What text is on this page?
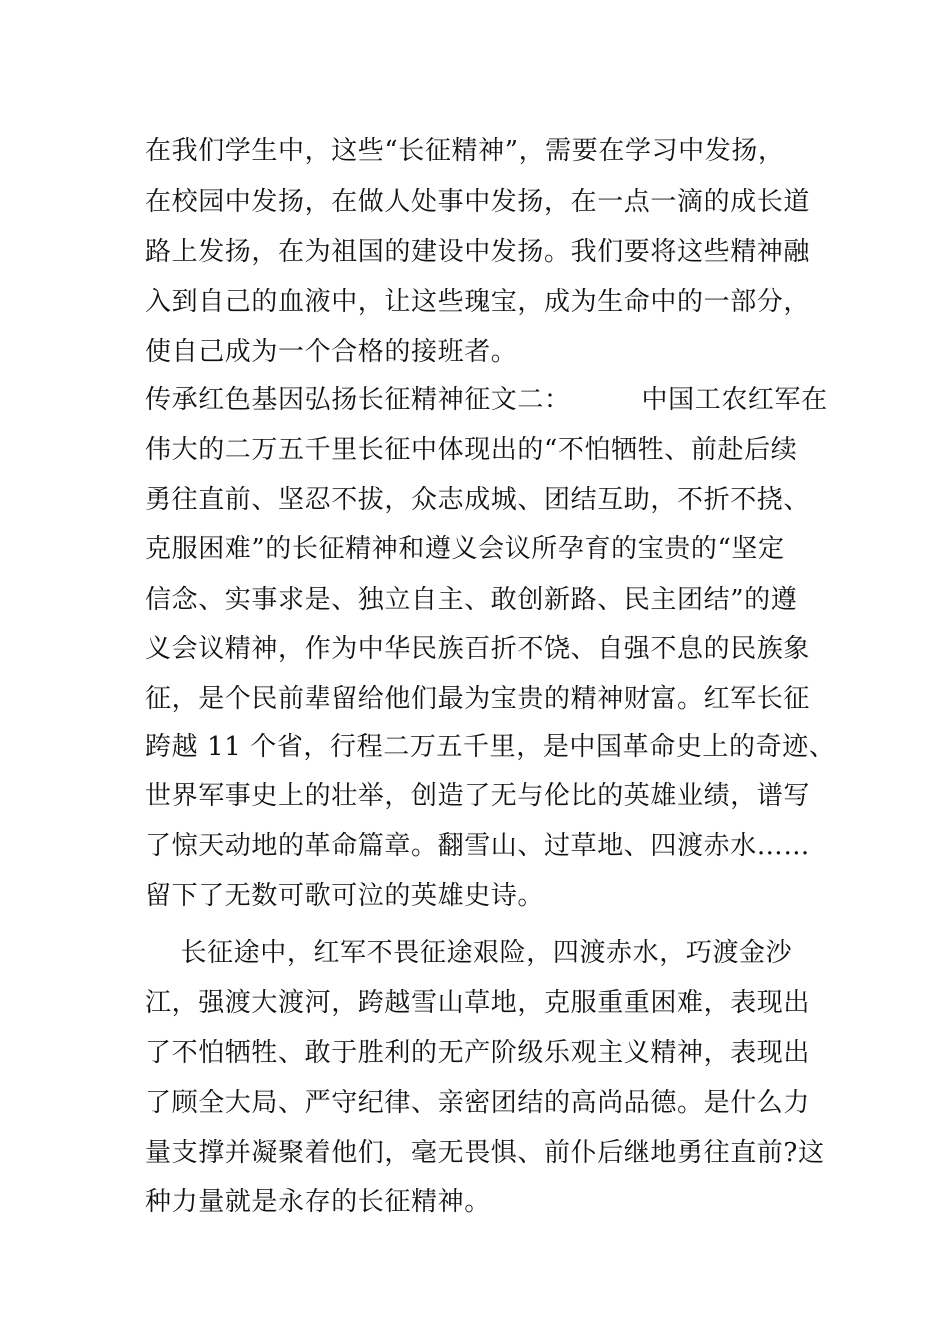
在我们学生中，这些“长征精神”，需要在学习中发扬，
在校园中发扬，在做人处事中发扬，在一点一滴的成长道
路上发扬，在为祖国的建设中发扬。我们要将这些精神融
入到自己的血液中，让这些瑰宝，成为生命中的一部分，
使自己成为一个合格的接班者。
传承红色基因弘扬长征精神征文二：        中国工农红军在
伟大的二万五千里长征中体现出的“不怕牺牲、前赴后续
勇往直前、坚忍不拔，众志成城、团结互助，不折不挠、
克服困难”的长征精神和遵义会议所孕育的宝贵的“坚定
信念、实事求是、独立自主、敢创新路、民主团结”的遵
义会议精神，作为中华民族百折不饶、自强不息的民族象
征，是个民前辈留给他们最为宝贵的精神财富。红军长征
跨越 11 个省，行程二万五千里，是中国革命史上的奇迹、
世界军事史上的壮举，创造了无与伦比的英雄业绩，谱写
了惊天动地的革命篇章。翻雪山、过草地、四渡赤水……
留下了无数可歌可泣的英雄史诗。
长征途中，红军不畏征途艰险，四渡赤水，巧渡金沙
江，强渡大渡河，跨越雪山草地，克服重重困难，表现出
了不怕牺牲、敢于胜利的无产阶级乐观主义精神，表现出
了顾全大局、严守纪律、亲密团结的高尚品德。是什么力
量支撑并凝聚着他们，毫无畏惧、前仆后继地勇往直前?这
种力量就是永存的长征精神。
